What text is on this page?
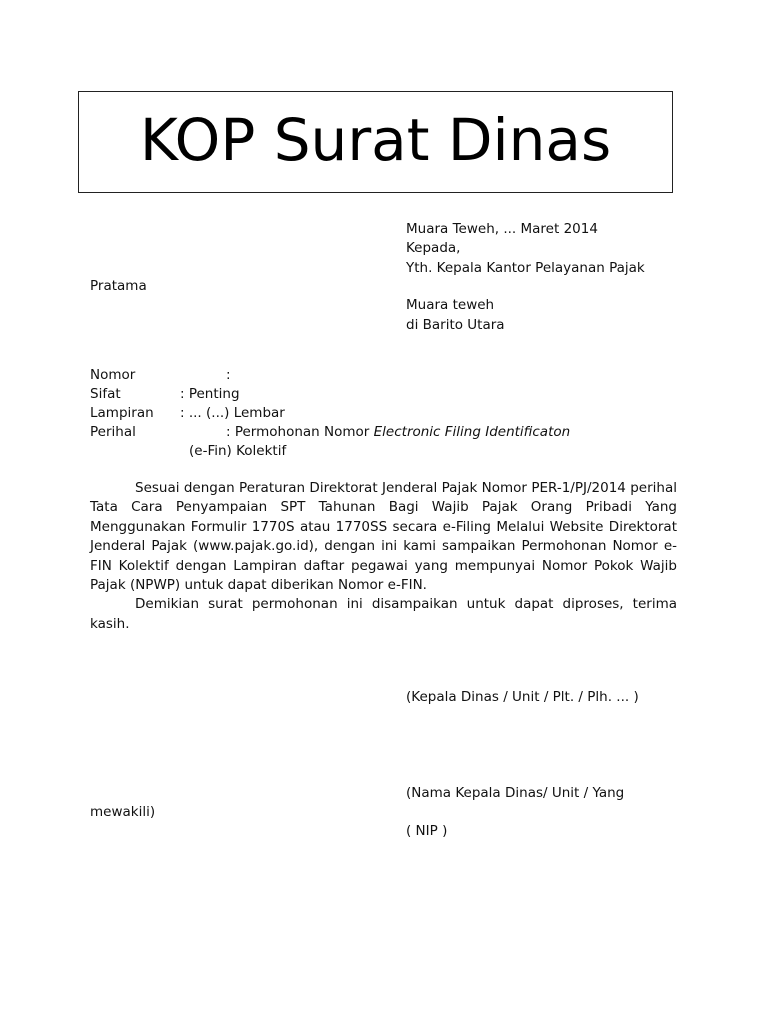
KOP Surat Dinas
Muara Teweh, ... Maret 2014
Kepada,
Yth. Kepala Kantor Pelayanan Pajak
Pratama
Muara teweh
di Barito Utara
Nomor	:
Sifat	: Penting
Lampiran : ... (...) Lembar
Perihal	: Permohonan Nomor Electronic Filing Identificaton
(e-Fin) Kolektif

Sesuai dengan Peraturan Direktorat Jenderal Pajak Nomor PER-1/PJ/2014 perihal Tata Cara Penyampaian SPT Tahunan Bagi Wajib Pajak Orang Pribadi Yang Menggunakan Formulir 1770S atau 1770SS secara e-Filing Melalui Website Direktorat Jenderal Pajak (www.pajak.go.id), dengan ini kami sampaikan Permohonan Nomor e-FIN Kolektif dengan Lampiran daftar pegawai yang mempunyai Nomor Pokok Wajib Pajak (NPWP) untuk dapat diberikan Nomor e-FIN.

Demikian surat permohonan ini disampaikan untuk dapat diproses, terima kasih.

(Kepala Dinas / Unit / Plt. / Plh. ... )
(Nama Kepala Dinas/ Unit / Yang
mewakili)
( NIP )
